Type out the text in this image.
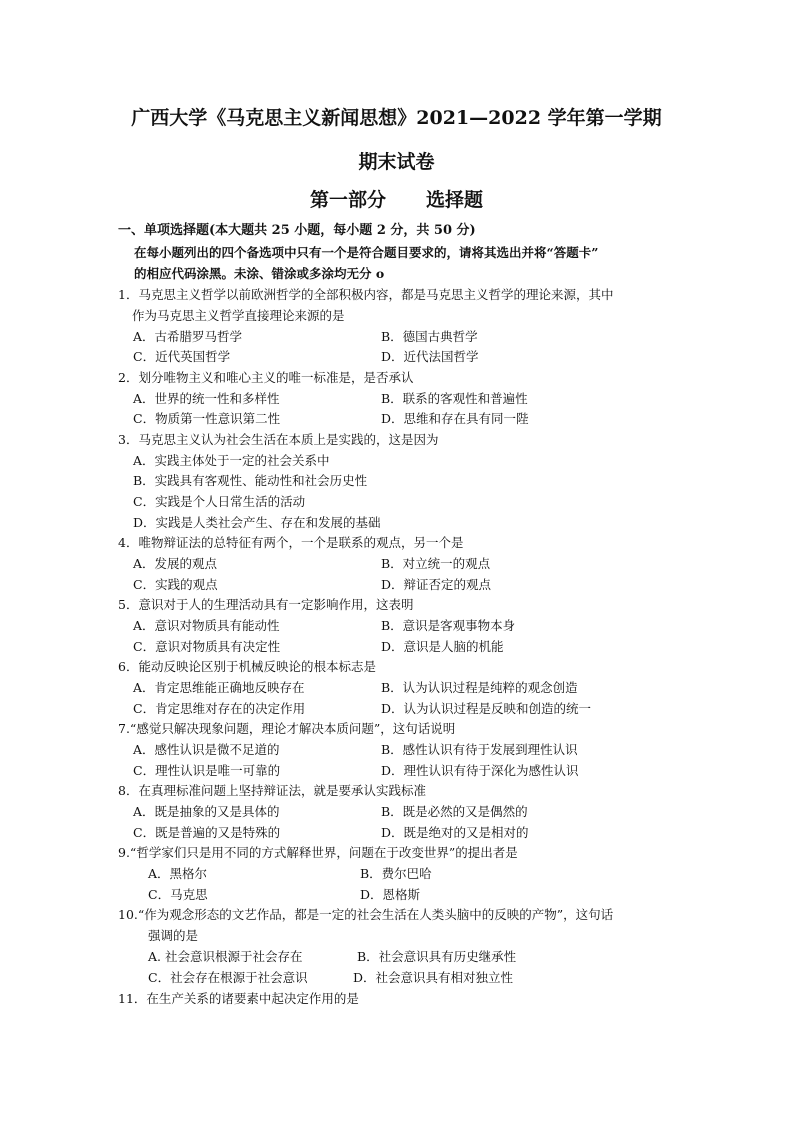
广西大学《马克思主义新闻思想》2021—2022 学年第一学期
期末试卷
第一部分 选择题
一、单项选择题(本大题共 25 小题，每小题 2 分，共 50 分)
在每小题列出的四个备选项中只有一个是符合题目要求的，请将其选出并将“答题卡”
的相应代码涂黑。未涂、错涂或多涂均无分 o
1．马克思主义哲学以前欧洲哲学的全部积极内容，都是马克思主义哲学的理论来源，其中
作为马克思主义哲学直接理论来源的是
A．古希腊罗马哲学	B．德国古典哲学
C．近代英国哲学	D．近代法国哲学
2．划分唯物主义和唯心主义的唯一标准是，是否承认
A．世界的统一性和多样性	B．联系的客观性和普遍性
C．物质第一性意识第二性	D．思维和存在具有同一陛
3．马克思主义认为社会生活在本质上是实践的，这是因为
A．实践主体处于一定的社会关系中
B．实践具有客观性、能动性和社会历史性
C．实践是个人日常生活的活动
D．实践是人类社会产生、存在和发展的基础
4．唯物辩证法的总特征有两个，一个是联系的观点，另一个是
A．发展的观点	B．对立统一的观点
C．实践的观点	D．辩证否定的观点
5．意识对于人的生理活动具有一定影响作用，这表明
A．意识对物质具有能动性	B．意识是客观事物本身
C．意识对物质具有决定性	D．意识是人脑的机能
6．能动反映论区别于机械反映论的根本标志是
A．肯定思维能正确地反映存在	B．认为认识过程是纯粹的观念创造
C．肯定思维对存在的决定作用	D．认为认识过程是反映和创造的统一
7.“感觉只解决现象问题，理论才解决本质问题”，这句话说明
A．感性认识是微不足道的	B．感性认识有待于发展到理性认识
C．理性认识是唯一可靠的	D．理性认识有待于深化为感性认识
8．在真理标准问题上坚持辩证法，就是要承认实践标准
A．既是抽象的又是具体的	B．既是必然的又是偶然的
C．既是普遍的又是特殊的	D．既是绝对的又是相对的
9.“哲学家们只是用不同的方式解释世界，问题在于改变世界”的提出者是
A．黑格尔	B．费尔巴哈
C．马克思	D．恩格斯
10.“作为观念形态的文艺作品，都是一定的社会生活在人类头脑中的反映的产物”，这句话
强调的是
A. 社会意识根源于社会存在	B．社会意识具有历史继承性
C．社会存在根源于社会意识	D．社会意识具有相对独立性
11．在生产关系的诸要素中起决定作用的是
